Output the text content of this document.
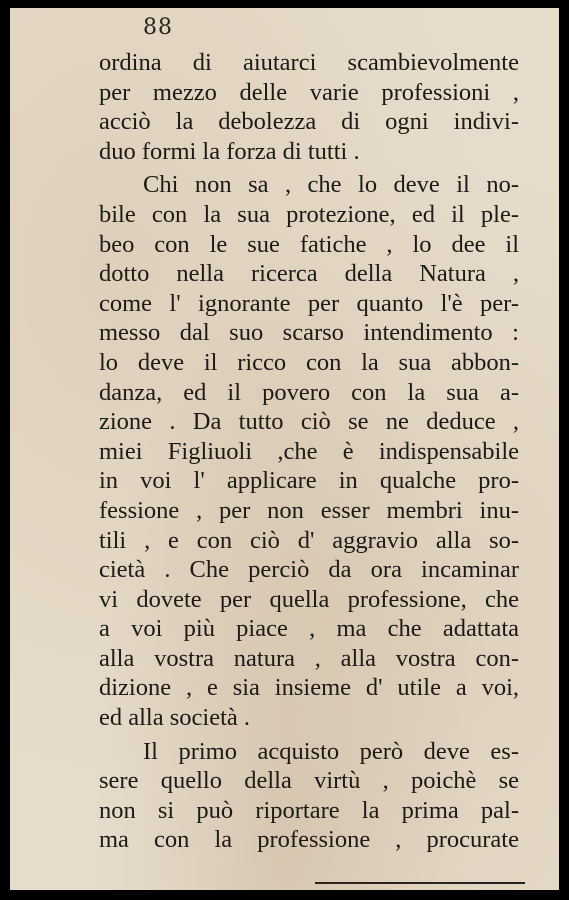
88
ordina di aiutarci scambievolmente
per mezzo delle varie professioni ,
acciò la debolezza di ogni indivi-
duo formi la forza di tutti .
Chi non sa , che lo deve il no-
bile con la sua protezione, ed il ple-
beo con le sue fatiche , lo dee il
dotto nella ricerca della Natura ,
come l' ignorante per quanto l'è per-
messo dal suo scarso intendimento :
lo deve il ricco con la sua abbon-
danza, ed il povero con la sua a-
zione . Da tutto ciò se ne deduce ,
miei Figliuoli ,che è indispensabile
in voi l' applicare in qualche pro-
fessione , per non esser membri inu-
tili , e con ciò d' aggravio alla so-
cietà . Che perciò da ora incaminar
vi dovete per quella professione, che
a voi più piace , ma che adattata
alla vostra natura , alla vostra con-
dizione , e sia insieme d' utile a voi,
ed alla società .
Il primo acquisto però deve es-
sere quello della virtù , poichè se
non si può riportare la prima pal-
ma con la professione , procurate
